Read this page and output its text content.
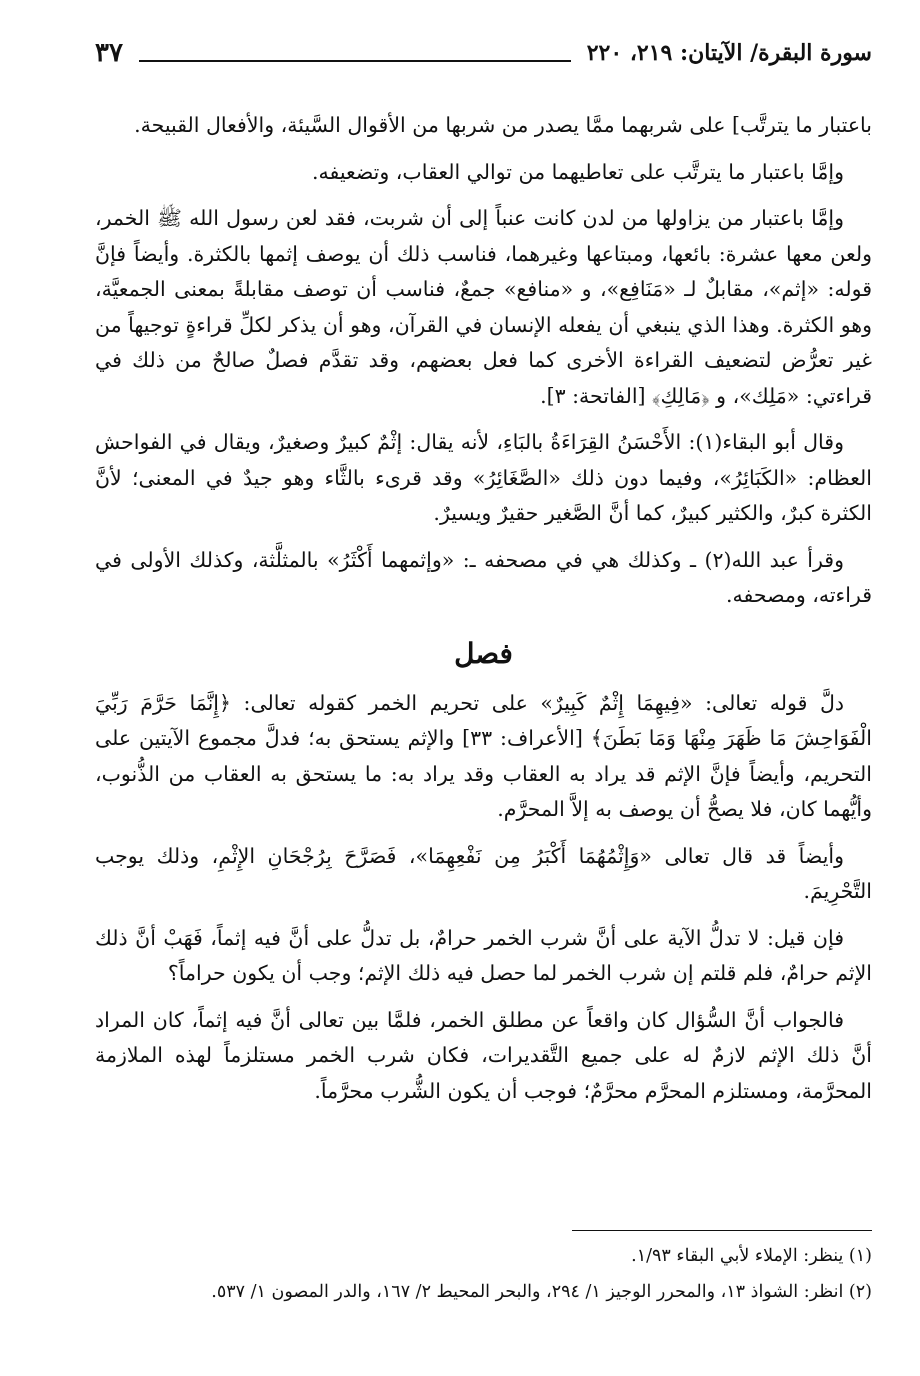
سورة البقرة/ الآيتان: ٢١٩، ٢٢٠
٣٧

باعتبار ما يترتَّب] على شربهما ممَّا يصدر من شربها من الأقوال السَّيئة، والأفعال القبيحة.

وإمَّا باعتبار ما يترتَّب على تعاطيهما من توالي العقاب، وتضعيفه.

وإمَّا باعتبار من يزاولها من لدن كانت عنباً إلى أن شربت، فقد لعن رسول الله ﷺ الخمر، ولعن معها عشرة: بائعها، ومبتاعها وغيرهما، فناسب ذلك أن يوصف إثمها بالكثرة. وأيضاً فإنَّ قوله: «إثم»، مقابلٌ لـ «مَنَافِع»، و «منافع» جمعٌ، فناسب أن توصف مقابلةً بمعنى الجمعيَّة، وهو الكثرة. وهذا الذي ينبغي أن يفعله الإنسان في القرآن، وهو أن يذكر لكلِّ قراءةٍ توجيهاً من غير تعرُّض لتضعيف القراءة الأخرى كما فعل بعضهم، وقد تقدَّم فصلٌ صالحٌ من ذلك في قراءتي: «مَلِك»، و ﴿مَالِكِ﴾ [الفاتحة: ٣].

وقال أبو البقاء(١): الأَحْسَنُ القِرَاءَةُ بالبَاءِ، لأنه يقال: إثْمٌ كبيرٌ وصغيرٌ، ويقال في الفواحش العظام: «الكَبَائِرُ»، وفيما دون ذلك «الصَّغَائِرُ» وقد قرىء بالثَّاء وهو جيدٌ في المعنى؛ لأنَّ الكثرة كبرٌ، والكثير كبيرٌ، كما أنَّ الصَّغير حقيرٌ ويسيرٌ.

وقرأ عبد الله(٢) ـ وكذلك هي في مصحفه ـ: «وإثمهما أَكْثَرُ» بالمثلَّثة، وكذلك الأولى في قراءته، ومصحفه.

فصل

دلَّ قوله تعالى: «فِيهِمَا إِثْمٌ كَبِيرٌ» على تحريم الخمر كقوله تعالى: ﴿إِنَّمَا حَرَّمَ رَبِّيَ الْفَوَاحِشَ مَا ظَهَرَ مِنْهَا وَمَا بَطَنَ﴾ [الأعراف: ٣٣] والإثم يستحق به؛ فدلَّ مجموع الآيتين على التحريم، وأيضاً فإنَّ الإثم قد يراد به العقاب وقد يراد به: ما يستحق به العقاب من الذُّنوب، وأيُّهما كان، فلا يصحُّ أن يوصف به إلاَّ المحرَّم.

وأيضاً قد قال تعالى «وَإِثْمُهُمَا أَكْبَرُ مِن نَفْعِهِمَا»، فَصَرَّحَ بِرُجْحَانِ الإِثْمِ، وذلك يوجب التَّحْرِيمَ.

فإن قيل: لا تدلُّ الآية على أنَّ شرب الخمر حرامٌ، بل تدلُّ على أنَّ فيه إثماً، فَهَبْ أنَّ ذلك الإثم حرامٌ، فلم قلتم إن شرب الخمر لما حصل فيه ذلك الإثم؛ وجب أن يكون حراماً؟

فالجواب أنَّ السُّؤال كان واقعاً عن مطلق الخمر، فلمَّا بين تعالى أنَّ فيه إثماً، كان المراد أنَّ ذلك الإثم لازمٌ له على جميع التَّقديرات، فكان شرب الخمر مستلزماً لهذه الملازمة المحرَّمة، ومستلزم المحرَّم محرَّمٌ؛ فوجب أن يكون الشُّرب محرَّماً.

(١) ينظر: الإملاء لأبي البقاء ١/٩٣.

(٢) انظر: الشواذ ١٣، والمحرر الوجيز ١/ ٢٩٤، والبحر المحيط ٢/ ١٦٧، والدر المصون ١/ ٥٣٧.
